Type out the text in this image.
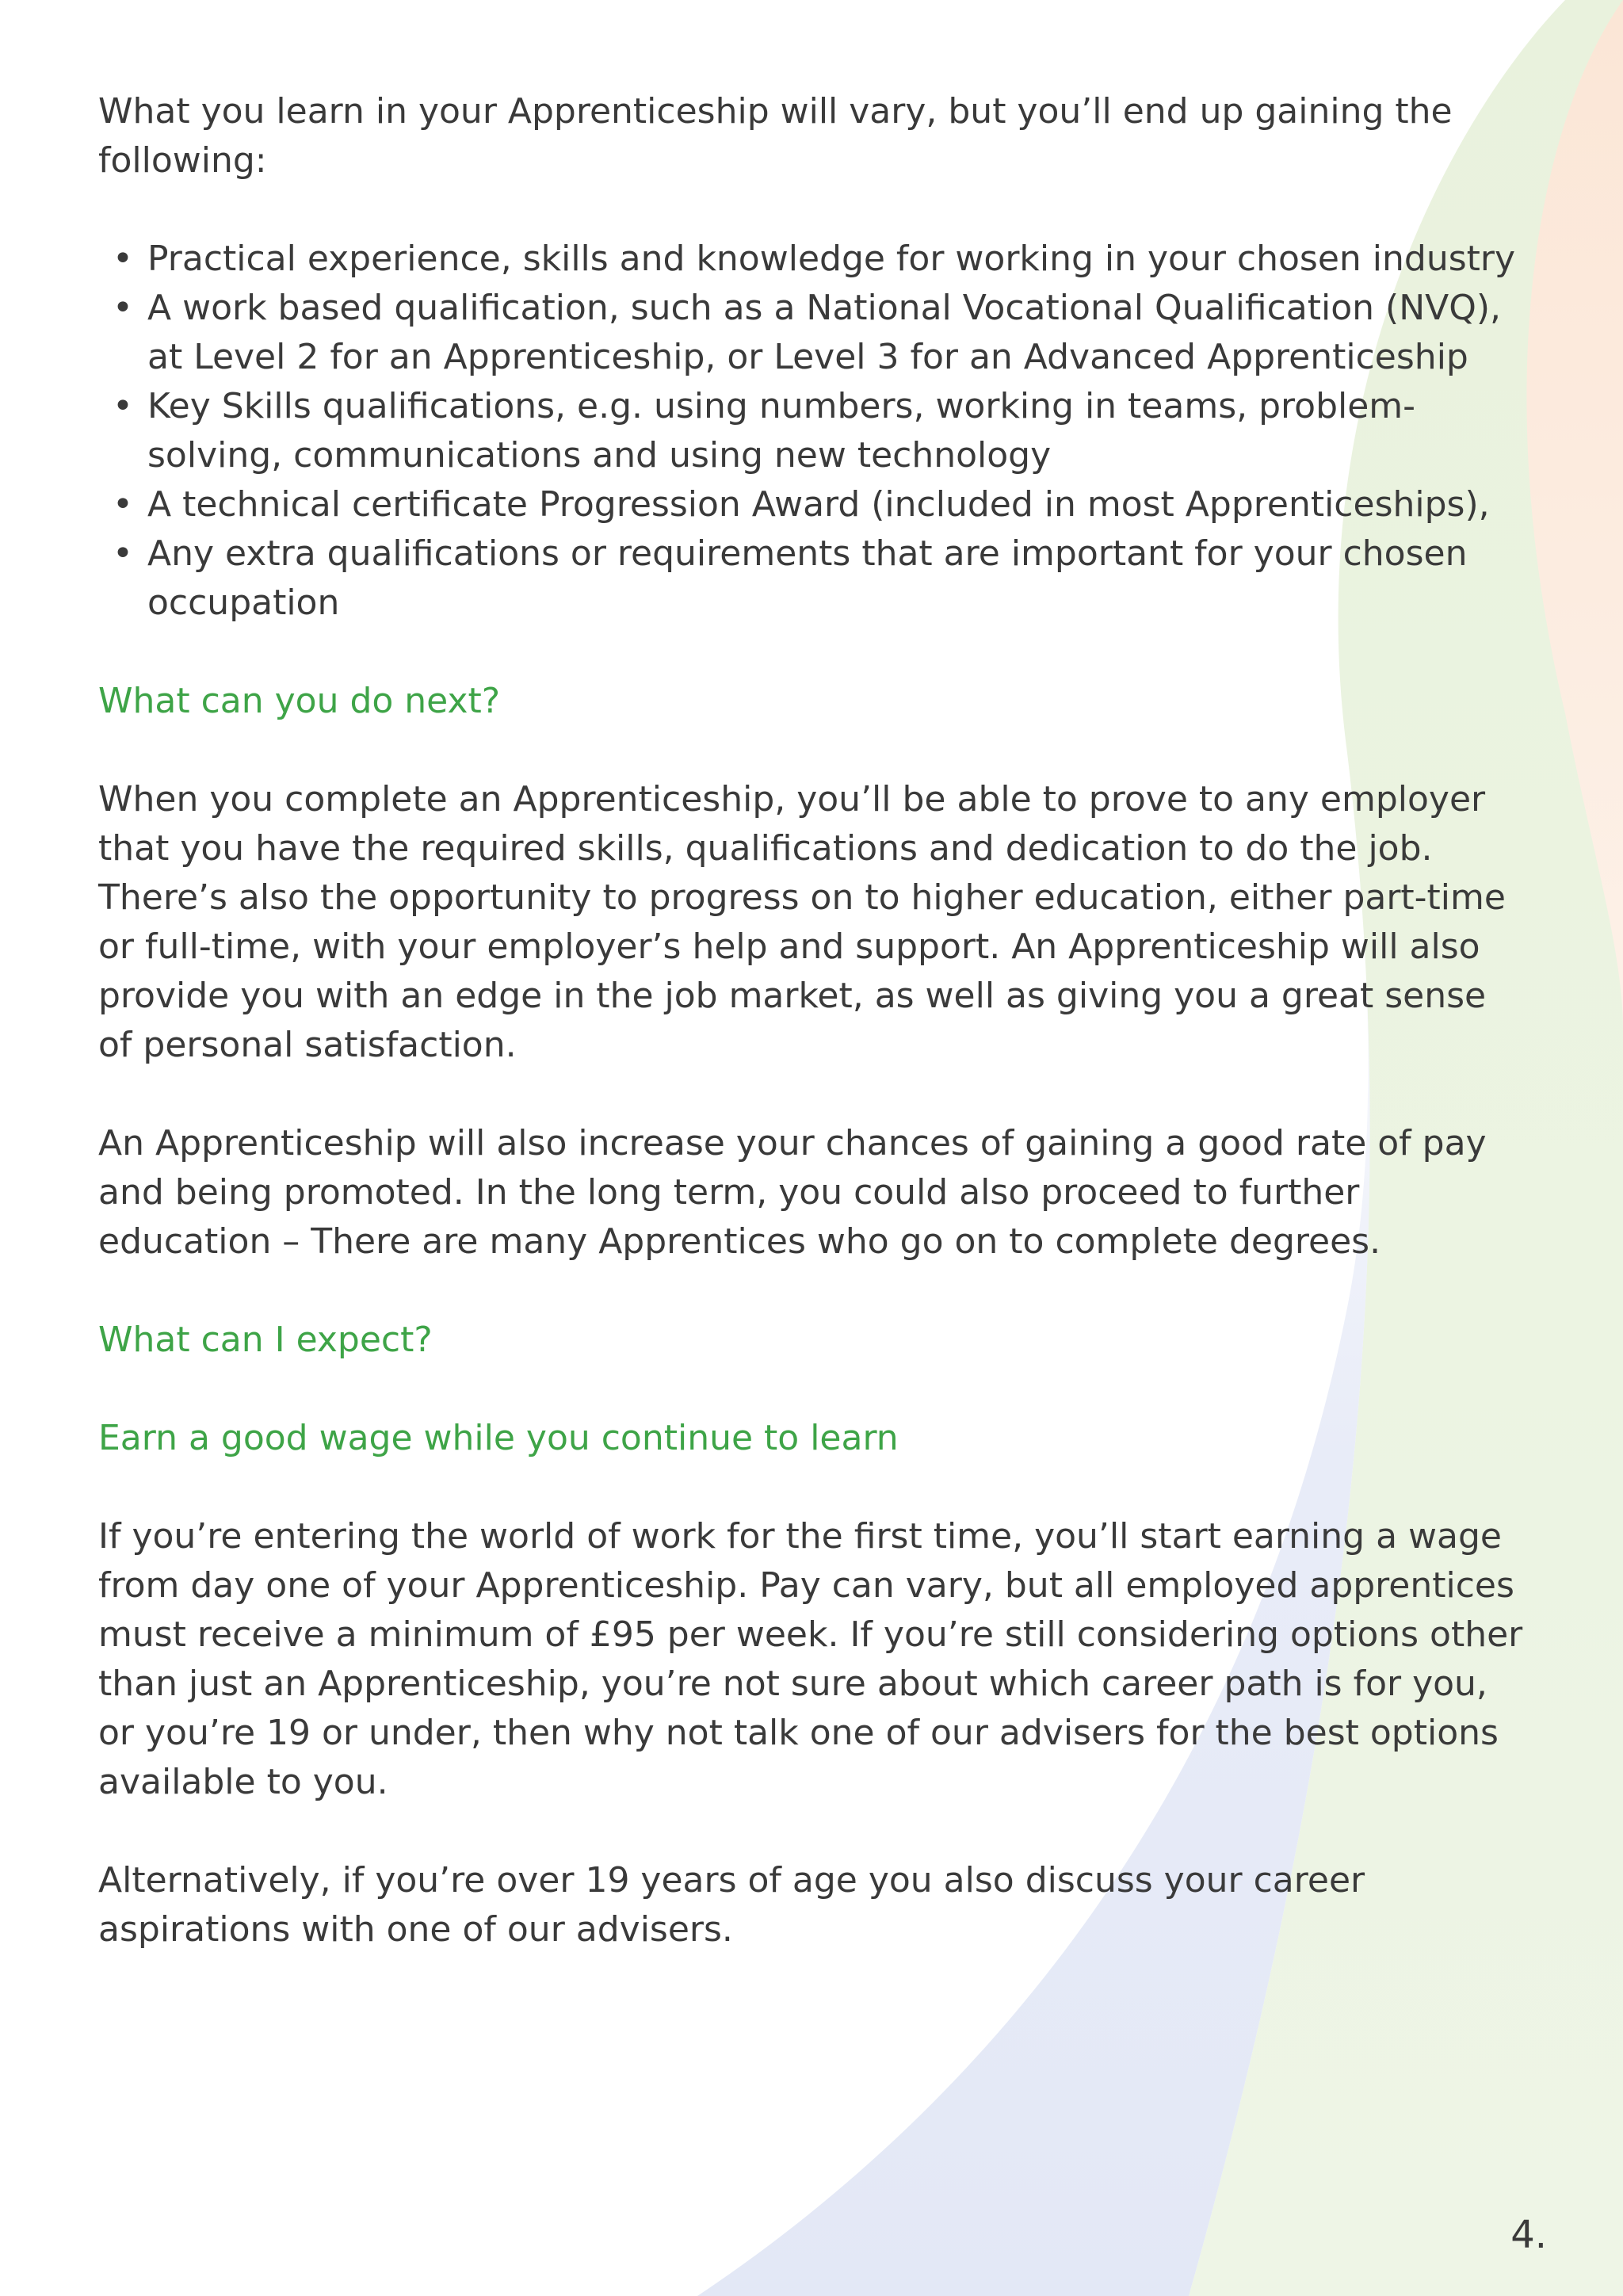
What you learn in your Apprenticeship will vary, but you’ll end up gaining the following:

• Practical experience, skills and knowledge for working in your chosen industry
• A work based qualification, such as a National Vocational Qualification (NVQ), at Level 2 for an Apprenticeship, or Level 3 for an Advanced Apprenticeship
• Key Skills qualifications, e.g. using numbers, working in teams, problem-solving, communications and using new technology
• A technical certificate Progression Award (included in most Apprenticeships),
• Any extra qualifications or requirements that are important for your chosen occupation
What can you do next?

When you complete an Apprenticeship, you’ll be able to prove to any employer that you have the required skills, qualifications and dedication to do the job. There’s also the opportunity to progress on to higher education, either part-time or full-time, with your employer’s help and support. An Apprenticeship will also provide you with an edge in the job market, as well as giving you a great sense of personal satisfaction.

An Apprenticeship will also increase your chances of gaining a good rate of pay and being promoted. In the long term, you could also proceed to further education – There are many Apprentices who go on to complete degrees.

What can I expect?
Earn a good wage while you continue to learn

If you’re entering the world of work for the first time, you’ll start earning a wage from day one of your Apprenticeship. Pay can vary, but all employed apprentices must receive a minimum of £95 per week. If you’re still considering options other than just an Apprenticeship, you’re not sure about which career path is for you, or you’re 19 or under, then why not talk one of our advisers for the best options available to you.

Alternatively, if you’re over 19 years of age you also discuss your career aspirations with one of our advisers.

4.
